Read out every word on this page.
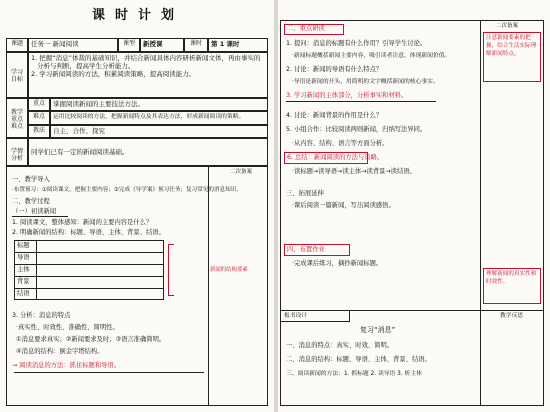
课时计划
课题	任务一 新闻阅读	课型	新授课	课时	第 1 课时
学习目标
1. 把握“消息”体裁的基础知识，并结合新闻具体内容研析新闻文体，再由事实的
分析与判断，提高学生分析能力。
2. 学习新闻阅读的方法，积累阅读策略，提高阅读能力。
教学重点难点
重点	掌握阅读新闻的主要技法方法。
难点	运用比较阅读的方法，把握新闻特点及其表达方法，形成新闻阅读的策略。
教法	自主、合作、探究
学情分析
同学们已有一定的新闻阅读基础。
二次备案
一、教学导入
·布置预习：①阅读课文，把握主要内容；②完成《导学案》预习任务；复习常见的消息知识。
二、教学过程
（一）初读新闻
1. 阅读课文，整体感知：新闻的主要内容是什么？
2. 明确新闻的结构：标题、导语、主体、背景、结语。
标题
导语
主体
背景
结语
新闻的结构要素
3. 分析：消息的特点
·真实性、时效性、准确性、简明性。
①消息要求真实；②新闻要求及时；③语言准确简明。
④消息的结构：倒金字塔结构。
→ 阅读消息的方法：抓住标题和导语。
二次备案
注意新闻要素的把握，结合生活实际理解新闻特点。
理解新闻的真实性和时效性。
二、重点研读
1. 提问：消息的标题有什么作用？引导学生讨论。
·新闻标题概括新闻主要内容，吸引读者注意，体现新闻价值。
2. 讨论：新闻的导语有什么特点？
·导语是新闻的开头，用简明的文字概括新闻的核心事实。
3. 学习新闻的主体部分，分析事实和材料。
4. 讨论：新闻背景的作用是什么？
5. 小组合作：比较阅读两则新闻，归纳写法异同。
·从内容、结构、语言等方面分析。
6. 总结：新闻阅读的方法与策略。
·读标题→读导语→读主体→读背景→读结语。
三、拓展延伸
·课后阅读一篇新闻，写出阅读感悟。
四、布置作业
·完成课后练习，摘抄新闻标题。
板书设计	教学反思
复习“消息”
一、消息的特点：真实、时效、简明。
二、消息的结构：标题、导语、主体、背景、结语。
三、阅读新闻的方法：1. 抓标题 2. 读导语 3. 析主体
